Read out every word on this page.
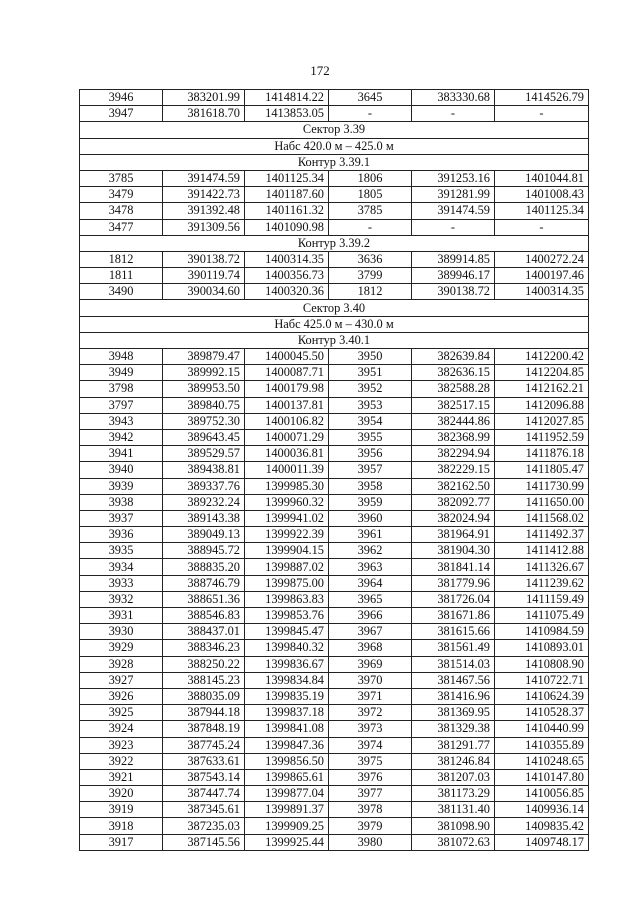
172
3946	383201.99	1414814.22	3645	383330.68	1414526.79
3947	381618.70	1413853.05	-	-	-
Сектор 3.39					
Набс 420.0 м – 425.0 м					
Контур 3.39.1					
3785	391474.59	1401125.34	1806	391253.16	1401044.81
3479	391422.73	1401187.60	1805	391281.99	1401008.43
3478	391392.48	1401161.32	3785	391474.59	1401125.34
3477	391309.56	1401090.98	-	-	-
Контур 3.39.2					
1812	390138.72	1400314.35	3636	389914.85	1400272.24
1811	390119.74	1400356.73	3799	389946.17	1400197.46
3490	390034.60	1400320.36	1812	390138.72	1400314.35
Сектор 3.40					
Набс 425.0 м – 430.0 м					
Контур 3.40.1					
3948	389879.47	1400045.50	3950	382639.84	1412200.42
3949	389992.15	1400087.71	3951	382636.15	1412204.85
3798	389953.50	1400179.98	3952	382588.28	1412162.21
3797	389840.75	1400137.81	3953	382517.15	1412096.88
3943	389752.30	1400106.82	3954	382444.86	1412027.85
3942	389643.45	1400071.29	3955	382368.99	1411952.59
3941	389529.57	1400036.81	3956	382294.94	1411876.18
3940	389438.81	1400011.39	3957	382229.15	1411805.47
3939	389337.76	1399985.30	3958	382162.50	1411730.99
3938	389232.24	1399960.32	3959	382092.77	1411650.00
3937	389143.38	1399941.02	3960	382024.94	1411568.02
3936	389049.13	1399922.39	3961	381964.91	1411492.37
3935	388945.72	1399904.15	3962	381904.30	1411412.88
3934	388835.20	1399887.02	3963	381841.14	1411326.67
3933	388746.79	1399875.00	3964	381779.96	1411239.62
3932	388651.36	1399863.83	3965	381726.04	1411159.49
3931	388546.83	1399853.76	3966	381671.86	1411075.49
3930	388437.01	1399845.47	3967	381615.66	1410984.59
3929	388346.23	1399840.32	3968	381561.49	1410893.01
3928	388250.22	1399836.67	3969	381514.03	1410808.90
3927	388145.23	1399834.84	3970	381467.56	1410722.71
3926	388035.09	1399835.19	3971	381416.96	1410624.39
3925	387944.18	1399837.18	3972	381369.95	1410528.37
3924	387848.19	1399841.08	3973	381329.38	1410440.99
3923	387745.24	1399847.36	3974	381291.77	1410355.89
3922	387633.61	1399856.50	3975	381246.84	1410248.65
3921	387543.14	1399865.61	3976	381207.03	1410147.80
3920	387447.74	1399877.04	3977	381173.29	1410056.85
3919	387345.61	1399891.37	3978	381131.40	1409936.14
3918	387235.03	1399909.25	3979	381098.90	1409835.42
3917	387145.56	1399925.44	3980	381072.63	1409748.17
